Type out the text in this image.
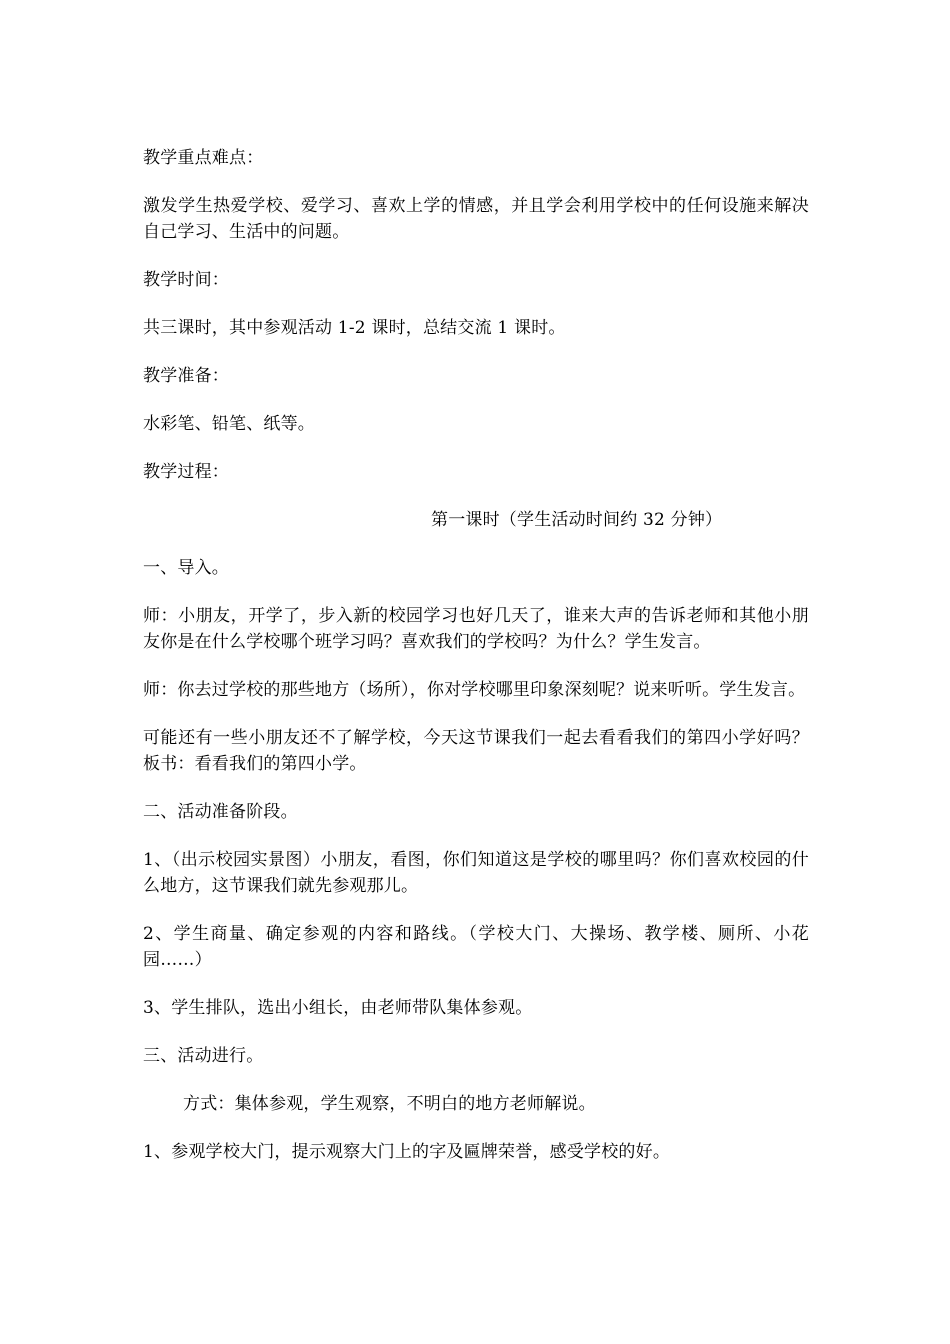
教学重点难点：

激发学生热爱学校、爱学习、喜欢上学的情感，并且学会利用学校中的任何设施来解决自己学习、生活中的问题。

教学时间：

共三课时，其中参观活动 1-2 课时，总结交流 1 课时。

教学准备：

水彩笔、铅笔、纸等。

教学过程：

第一课时（学生活动时间约 32 分钟）

一、导入。

师：小朋友，开学了，步入新的校园学习也好几天了，谁来大声的告诉老师和其他小朋友你是在什么学校哪个班学习吗？喜欢我们的学校吗？为什么？学生发言。

师：你去过学校的那些地方（场所），你对学校哪里印象深刻呢？说来听听。学生发言。

可能还有一些小朋友还不了解学校，今天这节课我们一起去看看我们的第四小学好吗？板书：看看我们的第四小学。

二、活动准备阶段。

1、（出示校园实景图）小朋友，看图，你们知道这是学校的哪里吗？你们喜欢校园的什么地方，这节课我们就先参观那儿。

2、学生商量、确定参观的内容和路线。（学校大门、大操场、教学楼、厕所、小花园……）

3、学生排队，选出小组长，由老师带队集体参观。

三、活动进行。

方式：集体参观，学生观察，不明白的地方老师解说。

1、参观学校大门，提示观察大门上的字及匾牌荣誉，感受学校的好。
